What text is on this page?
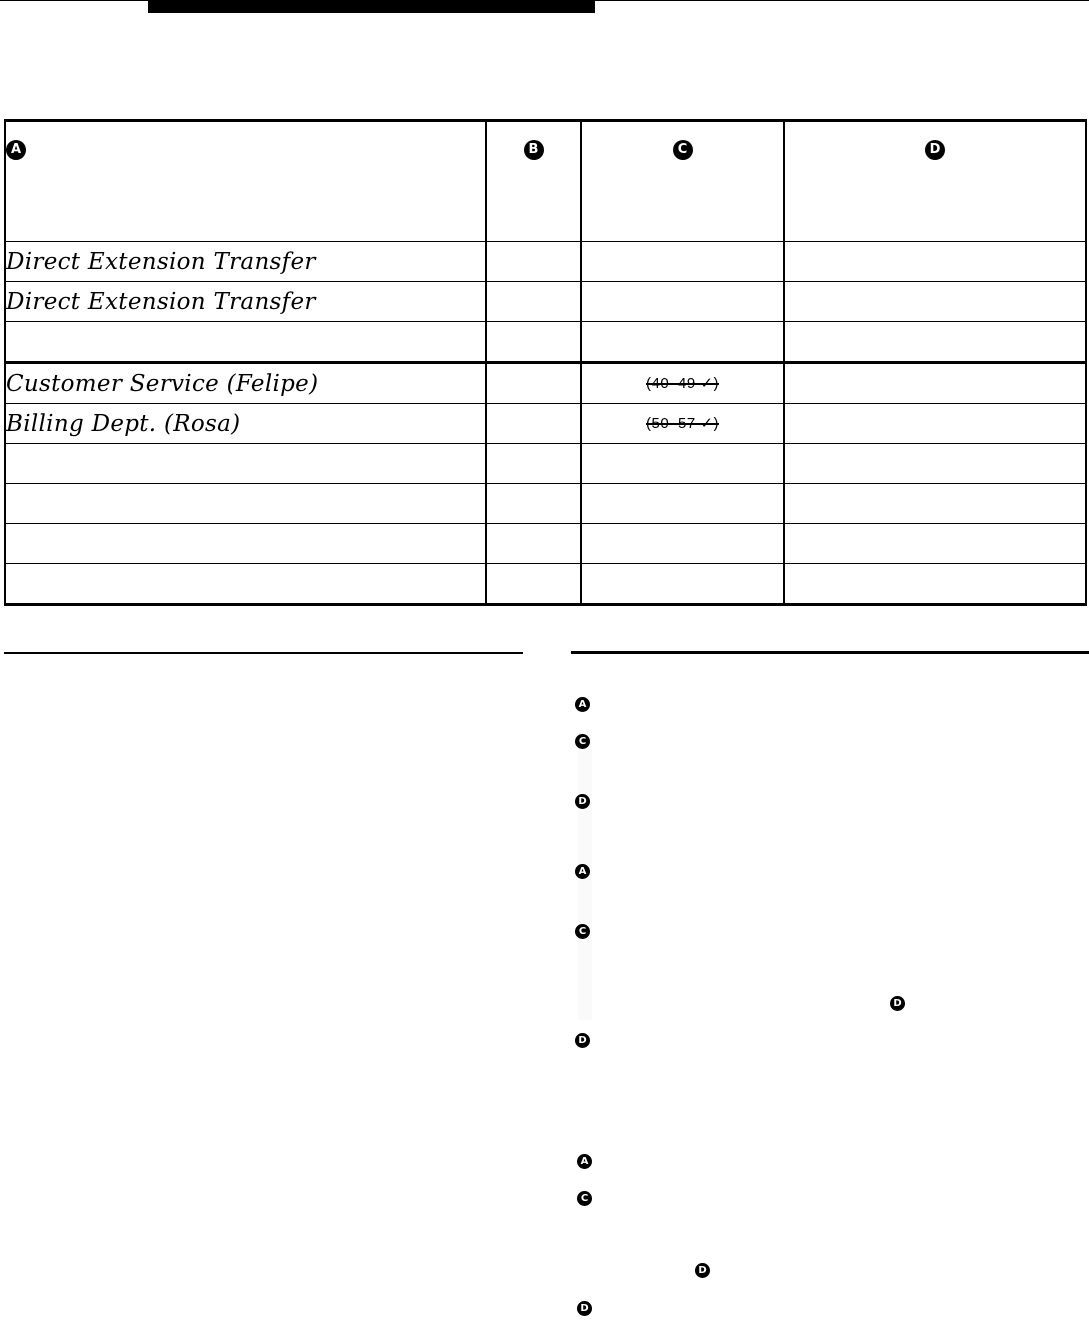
A	B	C	D
Direct Extension Transfer			
Direct Extension Transfer			

Customer Service (Felipe)		(40–49 ✓)	
Billing Dept. (Rosa)		(50–57 ✓)	

A
C
D
A
C
D
D
A
C
D
D
